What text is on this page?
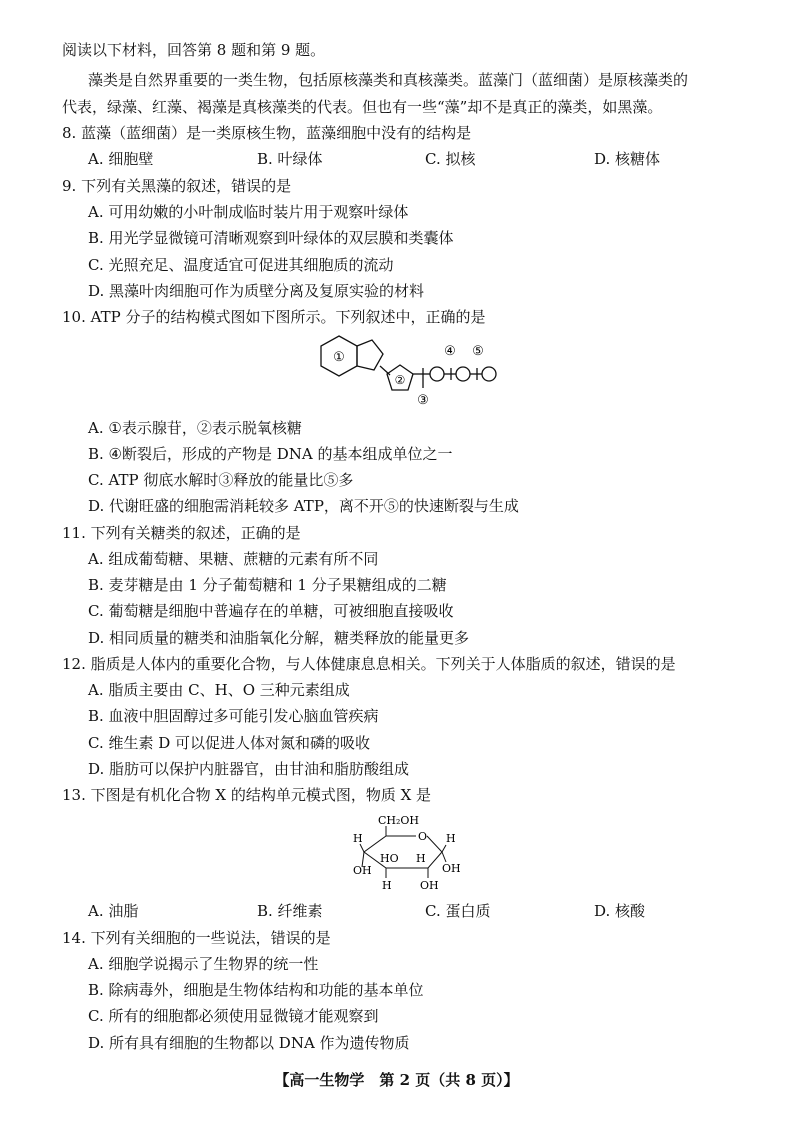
阅读以下材料，回答第 8 题和第 9 题。
藻类是自然界重要的一类生物，包括原核藻类和真核藻类。蓝藻门（蓝细菌）是原核藻类的
代表，绿藻、红藻、褐藻是真核藻类的代表。但也有一些“藻”却不是真正的藻类，如黑藻。
8. 蓝藻（蓝细菌）是一类原核生物，蓝藻细胞中没有的结构是
A. 细胞壁	B. 叶绿体	C. 拟核	D. 核糖体
9. 下列有关黑藻的叙述，错误的是
A. 可用幼嫩的小叶制成临时装片用于观察叶绿体
B. 用光学显微镜可清晰观察到叶绿体的双层膜和类囊体
C. 光照充足、温度适宜可促进其细胞质的流动
D. 黑藻叶肉细胞可作为质壁分离及复原实验的材料
10. ATP 分子的结构模式图如下图所示。下列叙述中，正确的是
①
②
③
④ ⑤
A. ①表示腺苷，②表示脱氧核糖
B. ④断裂后，形成的产物是 DNA 的基本组成单位之一
C. ATP 彻底水解时③释放的能量比⑤多
D. 代谢旺盛的细胞需消耗较多 ATP，离不开⑤的快速断裂与生成
11. 下列有关糖类的叙述，正确的是
A. 组成葡萄糖、果糖、蔗糖的元素有所不同
B. 麦芽糖是由 1 分子葡萄糖和 1 分子果糖组成的二糖
C. 葡萄糖是细胞中普遍存在的单糖，可被细胞直接吸收
D. 相同质量的糖类和油脂氧化分解，糖类释放的能量更多
12. 脂质是人体内的重要化合物，与人体健康息息相关。下列关于人体脂质的叙述，错误的是
A. 脂质主要由 C、H、O 三种元素组成
B. 血液中胆固醇过多可能引发心脑血管疾病
C. 维生素 D 可以促进人体对氮和磷的吸收
D. 脂肪可以保护内脏器官，由甘油和脂肪酸组成
13. 下图是有机化合物 X 的结构单元模式图，物质 X 是
CH₂OH
O
H	H
OH
HO H
OH
H	OH
A. 油脂	B. 纤维素	C. 蛋白质	D. 核酸
14. 下列有关细胞的一些说法，错误的是
A. 细胞学说揭示了生物界的统一性
B. 除病毒外，细胞是生物体结构和功能的基本单位
C. 所有的细胞都必须使用显微镜才能观察到
D. 所有具有细胞的生物都以 DNA 作为遗传物质
【高一生物学　第 2 页（共 8 页）】
